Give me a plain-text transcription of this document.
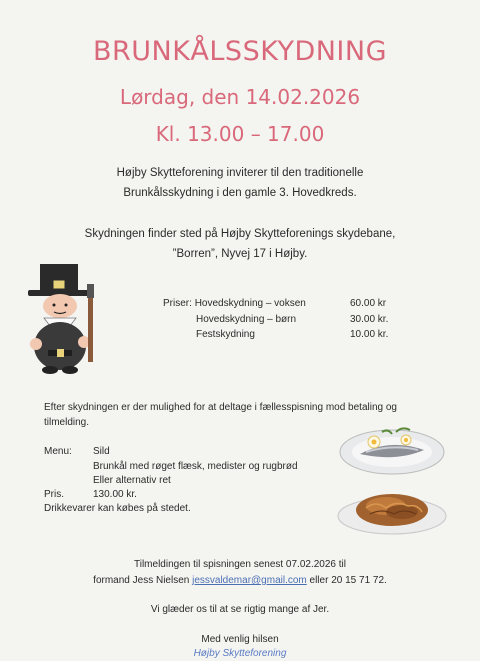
BRUNKÅLSSKYDNING
Lørdag, den 14.02.2026
Kl. 13.00 – 17.00
Højby Skytteforening inviterer til den traditionelle
Brunkålsskydning i den gamle 3. Hovedkreds.
Skydningen finder sted på Højby Skytteforenings skydebane,
”Borren”, Nyvej 17 i Højby.
Priser: Hovedskydning – voksen	60.00 kr
Hovedskydning – børn	30.00 kr.
Festskydning	10.00 kr.
Efter skydningen er der mulighed for at deltage i fællesspisning mod betaling og tilmelding.
Menu: Sild
Brunkål med røget flæsk, medister og rugbrød
Eller alternativ ret
Pris.	130.00 kr.
Drikkevarer kan købes på stedet.
Tilmeldingen til spisningen senest 07.02.2026 til
formand Jess Nielsen jessvaldemar@gmail.com eller 20 15 71 72.
Vi glæder os til at se rigtig mange af Jer.
Med venlig hilsen
Højby Skytteforening
